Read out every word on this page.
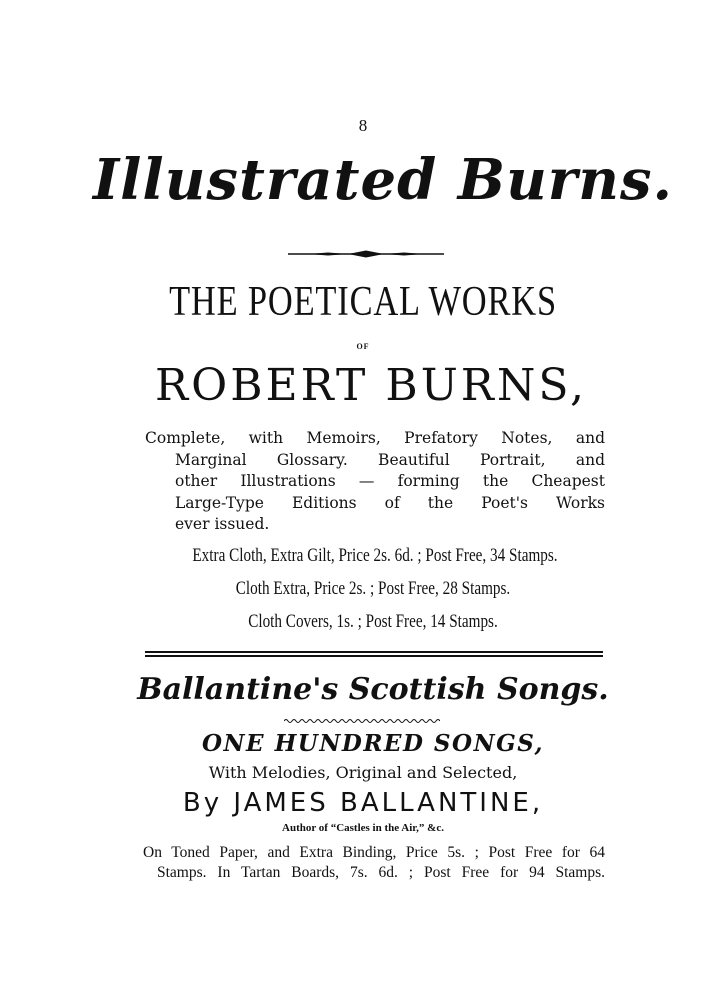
8
Illustrated Burns.
THE POETICAL WORKS
OF
ROBERT BURNS,
Complete, with Memoirs, Prefatory Notes, and
Marginal Glossary. Beautiful Portrait, and
other Illustrations — forming the Cheapest
Large-Type Editions of the Poet's Works
ever issued.
Extra Cloth, Extra Gilt, Price 2s. 6d. ; Post Free, 34 Stamps.
Cloth Extra, Price 2s. ; Post Free, 28 Stamps.
Cloth Covers, 1s. ; Post Free, 14 Stamps.
Ballantine's Scottish Songs.
ONE HUNDRED SONGS,
With Melodies, Original and Selected,
By JAMES BALLANTINE,
Author of “Castles in the Air,” &c.
On Toned Paper, and Extra Binding, Price 5s. ; Post Free for 64
Stamps. In Tartan Boards, 7s. 6d. ; Post Free for 94 Stamps.
